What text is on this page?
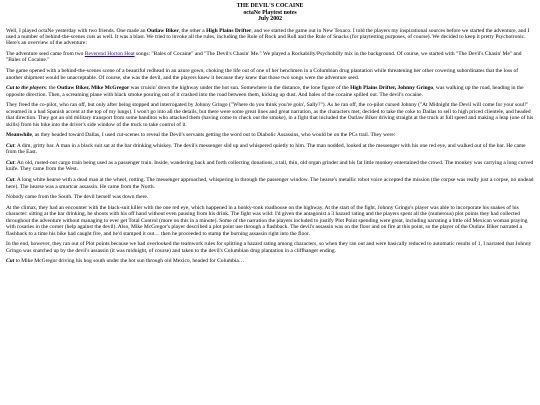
THE DEVIL'S COCAINE
octaNe Playtest notes
July 2002

Well, I played octaNe yesterday with two friends. One made an Outlaw Biker, the other a High Plains Drifter, and we started the game out in New Texaco. I told the players my inspirational sources before we started the adventure, and I used a number of behind-the-scenes cuts as well. It was a blast. We tried to invoke all the rules, including the Rule of Rock and Roll and the Rule of Snacks (for playtesting purposes, of course). We decided to keep it pretty Psychotronic. Here's an overview of the adventure:

The adventure seed came from two Reverend Horton Heat songs: "Bales of Cocaine" and "The Devil's Chasin' Me." We played a Rockabilly/Psychobilly mix in the background. Of course, we started with "The Devil's Chasin' Me" and "Bales of Cocaine."

The game opened with a behind-the-scenes scene of a beautiful redhead in an azure gown, choking the life out of one of her henchmen in a Columbian drug plantation while threatening her other cowering subordinates that the loss of another shipment would be unacceptable. Of course, she was the devil, and the players knew it because they knew that those two songs were the adventure seed.

Cut to the players: the Outlaw Biker, Mike McGregor was cruisin' down the highway under the hot sun. Somewhere in the distance, the lone figure of the High Plains Drifter, Johnny Gringo, was walking up the road, heading in the opposite direction. Then, a screaming plane with black smoke pouring out of it crashed into the road between them, kicking up dust. And bales of the cocaine spilled out. The devil's cocaine.

They freed the co-pilot, who ran off, but only after being stopped and interrogated by Johnny Gringo ("Where do you think you're goin', Sally?"). As he ran off, the co-pilot cursed Johnny ("At Midnight the Devil will come for your soul!" screamed in a bad Spanish accent at the top of my lungs). I won't go into all the details, but there were some great lines and great narration, as the characters met, decided to take the coke to Dallas to sell to high priced clientele, and headed that direction. They got an old military transport from some banditos who attacked them (having come to check out the smoke), in a fight that included the Outlaw Biker driving straight at the truck at full speed and making a leap (one of his skills) from his bike into the driver's side window of the truck to take control of it.

Meanwhile, as they headed toward Dallas, I used cut-scenes to reveal the Devil's servants getting the word out to Diabolic Assassins, who would be on the PCs trail. They were:

Cut: A dim, gritty bar. A man in a black suit sat at the bar drinking whiskey. The devil's messenger slid up and whispered quietly to him. The man nodded, looked at the messenger with his one red eye, and walked out of the bar. He came from the East.

Cut: An old, rusted-out cargo train being used as a passenger train. Inside, wandering back and forth collecting donations, a tall, thin, old organ grinder and his fat little monkey entertained the crowd. The monkey was carrying a long curved knife. They came from the West.

Cut: A long white hearse with a dead man at the wheel, rotting. The messenger approached, whispering in through the passenger window. The hearse's metallic robot voice accepted the mission (the corpse was really just a corpse, no undead here). The hearse was a smartcar assassin. He came from the North.

Nobody came from the South. The devil herself was down there.

At the climax, they had an encounter with the black-suit killer with the one red eye, which happened in a honky-tonk roadhouse on the highway. At the start of the fight, Johnny Gringo's player was able to incorporate his snakes of his character: sitting at the bar drinking, he shoots with his off hand without even pausing from his drink. The fight was wild: I'd given the antagonist a 3 hazard rating and the players spent all the (numerous) plot points they had collected throughout the adventure without managing to ever get Total Control (more on this in a minute). Some of the narration the players included to justify Plot Point spending were great, including narrating a little old Mexican woman praying with rosaries in the corner (help against the devil). Also, Mike McGregor's player described a plot point use through a flashback. The devil's assassin was on the floor and on fire at this point, so the player of the Outlaw Biker narrated a flashback to a time his bike had caught fire, and he'd stamped it out… then he proceeded to stamp the burning assassin right into the floor.

In the end, however, they ran out of Plot points because we had overlooked the teamwork rules for splitting a hazard rating among characters, so when they ran out and were basically reduced to automatic results of 1, I narrated that Johnny Gringo was snatched up by the devil's assassin (it was midnight, of course) and taken to the devil's Columbian drug plantation in a cliffhanger ending.

Cut to Mike McGregor driving his hog south under the hot sun through old Mexico, headed for Columbia…
